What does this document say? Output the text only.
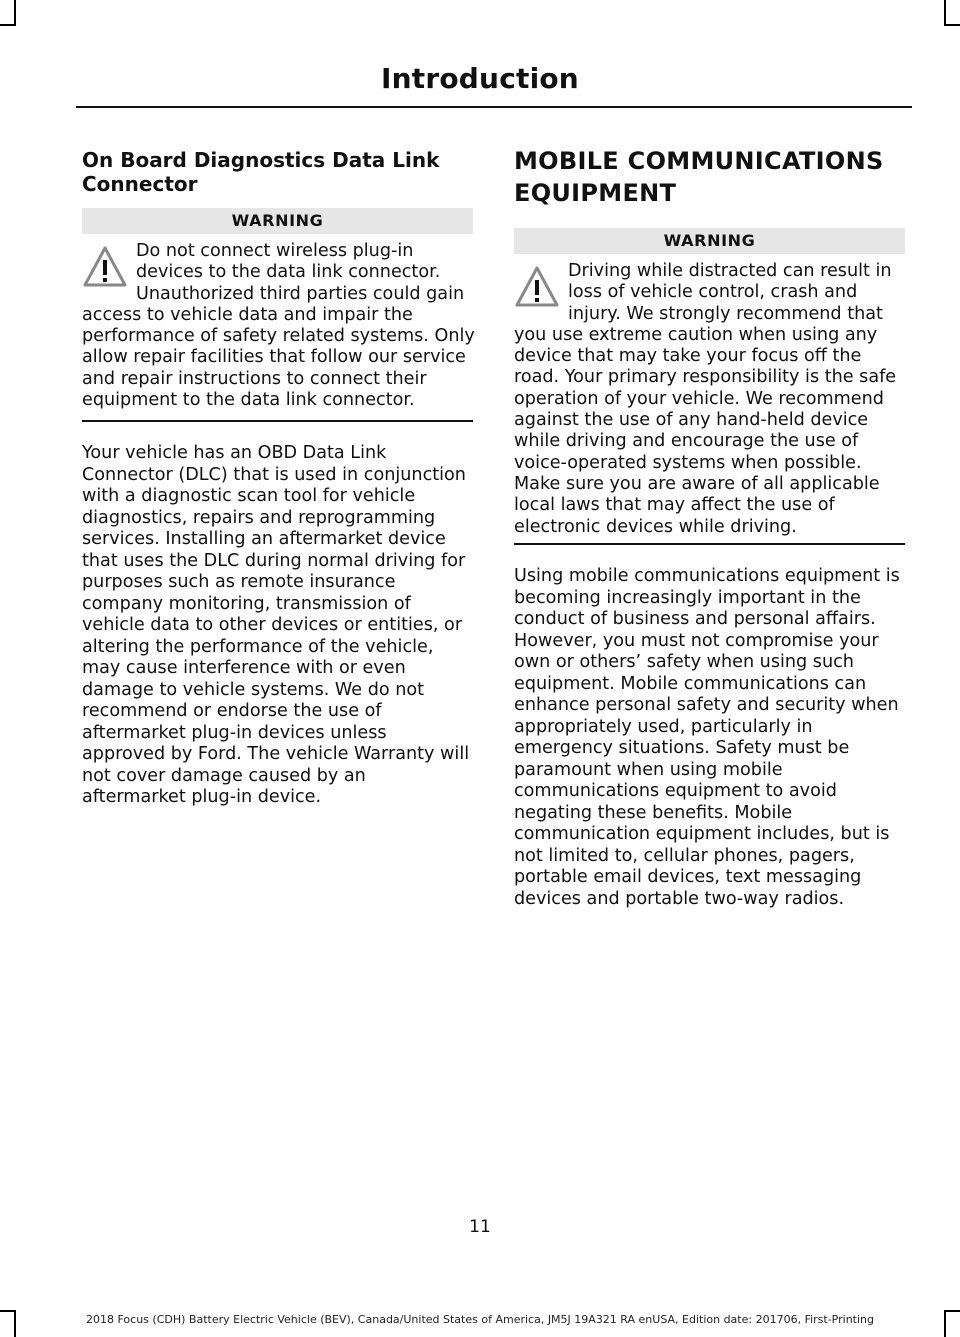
Introduction
On Board Diagnostics Data Link Connector
WARNING

Do not connect wireless plug-in devices to the data link connector. Unauthorized third parties could gain access to vehicle data and impair the performance of safety related systems. Only allow repair facilities that follow our service and repair instructions to connect their equipment to the data link connector.

Your vehicle has an OBD Data Link Connector (DLC) that is used in conjunction with a diagnostic scan tool for vehicle diagnostics, repairs and reprogramming services. Installing an aftermarket device that uses the DLC during normal driving for purposes such as remote insurance company monitoring, transmission of vehicle data to other devices or entities, or altering the performance of the vehicle, may cause interference with or even damage to vehicle systems. We do not recommend or endorse the use of aftermarket plug-in devices unless approved by Ford. The vehicle Warranty will not cover damage caused by an aftermarket plug-in device.

MOBILE COMMUNICATIONS
EQUIPMENT
WARNING

Driving while distracted can result in loss of vehicle control, crash and injury. We strongly recommend that you use extreme caution when using any device that may take your focus off the road. Your primary responsibility is the safe operation of your vehicle. We recommend against the use of any hand-held device while driving and encourage the use of voice-operated systems when possible. Make sure you are aware of all applicable local laws that may affect the use of electronic devices while driving.

Using mobile communications equipment is becoming increasingly important in the conduct of business and personal affairs. However, you must not compromise your own or others’ safety when using such equipment. Mobile communications can enhance personal safety and security when appropriately used, particularly in emergency situations. Safety must be paramount when using mobile communications equipment to avoid negating these benefits. Mobile communication equipment includes, but is not limited to, cellular phones, pagers, portable email devices, text messaging devices and portable two-way radios.

11
2018 Focus (CDH) Battery Electric Vehicle (BEV), Canada/United States of America, JM5J 19A321 RA enUSA, Edition date: 201706, First-Printing
